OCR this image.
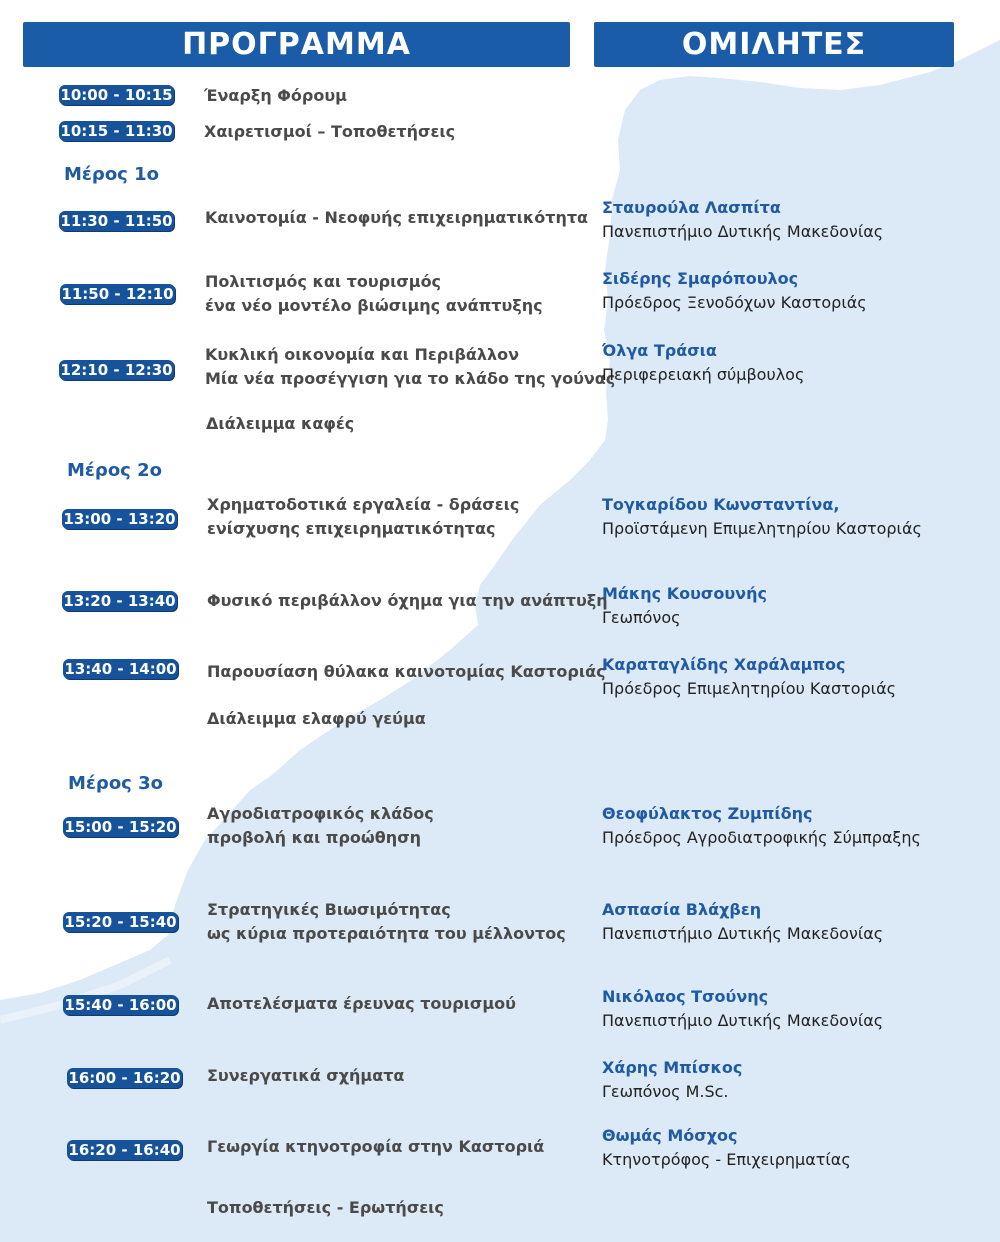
ΠΡΟΓΡΑΜΜΑ	ΟΜΙΛΗΤΕΣ
Μέρος 1ο
Μέρος 2ο
Μέρος 3ο
10:00 - 10:15
10:15 - 11:30
11:30 - 11:50
11:50 - 12:10
12:10 - 12:30
13:00 - 13:20
13:20 - 13:40
13:40 - 14:00
15:00 - 15:20
15:20 - 15:40
15:40 - 16:00
16:00 - 16:20
16:20 - 16:40
Έναρξη Φόρουμ
Χαιρετισμοί – Τοποθετήσεις
Καινοτομία - Νεοφυής επιχειρηματικότητα
Πολιτισμός και τουρισμός
ένα νέο μοντέλο βιώσιμης ανάπτυξης
Κυκλική οικονομία και Περιβάλλον
Μία νέα προσέγγιση για το κλάδο της γούνας
Διάλειμμα καφές
Χρηματοδοτικά εργαλεία - δράσεις
ενίσχυσης επιχειρηματικότητας
Φυσικό περιβάλλον όχημα για την ανάπτυξη
Παρουσίαση θύλακα καινοτομίας Καστοριάς
Διάλειμμα ελαφρύ γεύμα
Αγροδιατροφικός κλάδος
προβολή και προώθηση
Στρατηγικές Βιωσιμότητας
ως κύρια προτεραιότητα του μέλλοντος
Αποτελέσματα έρευνας τουρισμού
Συνεργατικά σχήματα
Γεωργία κτηνοτροφία στην Καστοριά
Τοποθετήσεις - Ερωτήσεις
Σταυρούλα Λασπίτα
Πανεπιστήμιο Δυτικής Μακεδονίας
Σιδέρης Σμαρόπουλος
Πρόεδρος Ξενοδόχων Καστοριάς
Όλγα Τράσια
Περιφερειακή σύμβουλος
Τογκαρίδου Κωνσταντίνα,
Προϊστάμενη Επιμελητηρίου Καστοριάς
Μάκης Κουσουνής
Γεωπόνος
Καραταγλίδης Χαράλαμπος
Πρόεδρος Επιμελητηρίου Καστοριάς
Θεοφύλακτος Ζυμπίδης
Πρόεδρος Αγροδιατροφικής Σύμπραξης
Ασπασία Βλάχβεη
Πανεπιστήμιο Δυτικής Μακεδονίας
Νικόλαος Τσούνης
Πανεπιστήμιο Δυτικής Μακεδονίας
Χάρης Μπίσκος
Γεωπόνος M.Sc.
Θωμάς Μόσχος
Κτηνοτρόφος - Επιχειρηματίας
